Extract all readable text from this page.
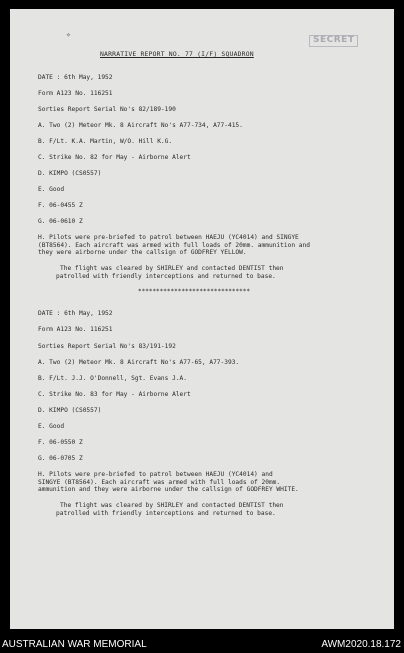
✧
NARRATIVE REPORT NO. 77 (I/F) SQUADRON
SECRET
DATE : 6th May, 1952
Form A123 No. 116251
Sorties Report Serial No's 82/189-190
A. Two (2) Meteor Mk. 8 Aircraft No's A77-734, A77-415.
B. F/Lt. K.A. Martin, W/O. Hill K.G.
C. Strike No. 82 for May - Airborne Alert
D. KIMPO (CS0557)
E. Good
F. 06-0455 Z
G. 06-0610 Z
H. Pilots were pre-briefed to patrol between HAEJU (YC4014) and SINGYE
(BT8564). Each aircraft was armed with full loads of 20mm. ammunition and
they were airborne under the callsign of GODFREY YELLOW.
The flight was cleared by SHIRLEY and contacted DENTIST then
patrolled with friendly interceptions and returned to base.
*******************************
DATE : 6th May, 1952
Form A123 No. 116251
Sorties Report Serial No's 83/191-192
A. Two (2) Meteor Mk. 8 Aircraft No's A77-65, A77-393.
B. F/Lt. J.J. O'Donnell, Sgt. Evans J.A.
C. Strike No. 83 for May - Airborne Alert
D. KIMPO (CS0557)
E. Good
F. 06-0550 Z
G. 06-0705 Z
H. Pilots were pre-briefed to patrol between HAEJU (YC4014) and
SINGYE (BT8564). Each aircraft was armed with full loads of 20mm.
ammunition and they were airborne under the callsign of GODFREY WHITE.
The flight was cleared by SHIRLEY and contacted DENTIST then
patrolled with friendly interceptions and returned to base.
AUSTRALIAN WAR MEMORIAL	AWM2020.18.172
